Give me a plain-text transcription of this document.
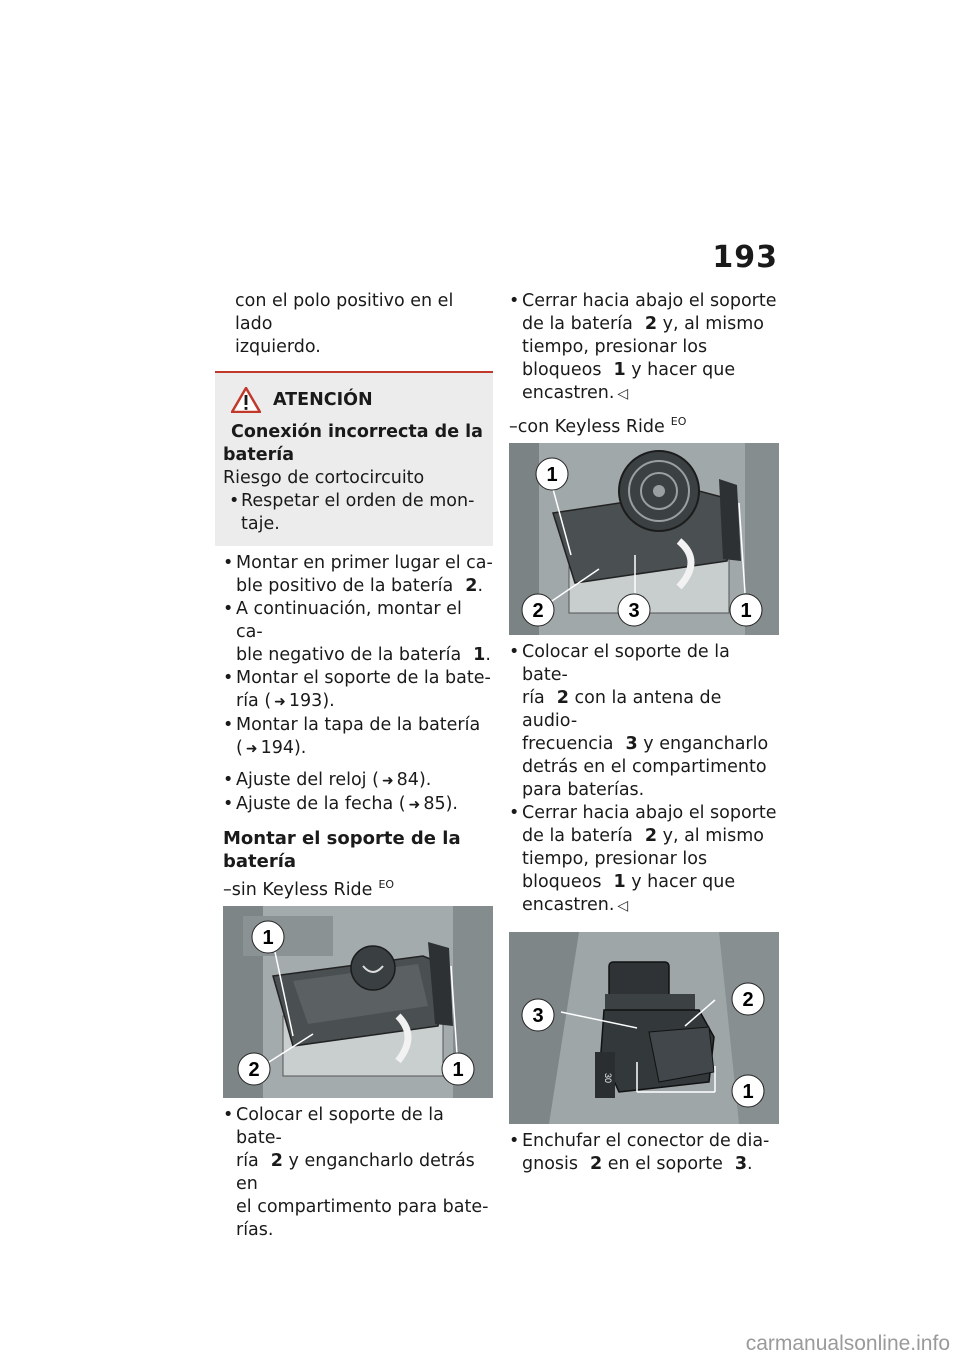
193

con el polo positivo en el lado

izquierdo.

ATENCIÓN

Conexión incorrecta de la

batería

Riesgo de cortocircuito

• Respetar el orden de mon-

taje.

• Montar en primer lugar el ca-
ble positivo de la batería 2.

• A continuación, montar el ca-
ble negativo de la batería 1.

• Montar el soporte de la bate-
ría ( ➜ 193).

• Montar la tapa de la batería
( ➜ 194).

• Ajuste del reloj ( ➜ 84).

• Ajuste de la fecha ( ➜ 85).

Montar el soporte de la

batería

–sin Keyless Ride $^{EO}$

1
2	1

• Colocar el soporte de la bate-
ría 2 y engancharlo detrás en
el compartimento para bate-
rías.

• Cerrar hacia abajo el soporte
de la batería 2 y, al mismo
tiempo, presionar los
bloqueos 1 y hacer que
encastren. ◁

–con Keyless Ride $^{EO}$

1
2	3	1

• Colocar el soporte de la bate-
ría 2 con la antena de audio-
frecuencia 3 y engancharlo
detrás en el compartimento
para baterías.

• Cerrar hacia abajo el soporte
de la batería 2 y, al mismo
tiempo, presionar los
bloqueos 1 y hacer que
encastren. ◁

30
3
2
1

• Enchufar el conector de dia-
gnosis 2 en el soporte 3.

carmanualsonline.info
